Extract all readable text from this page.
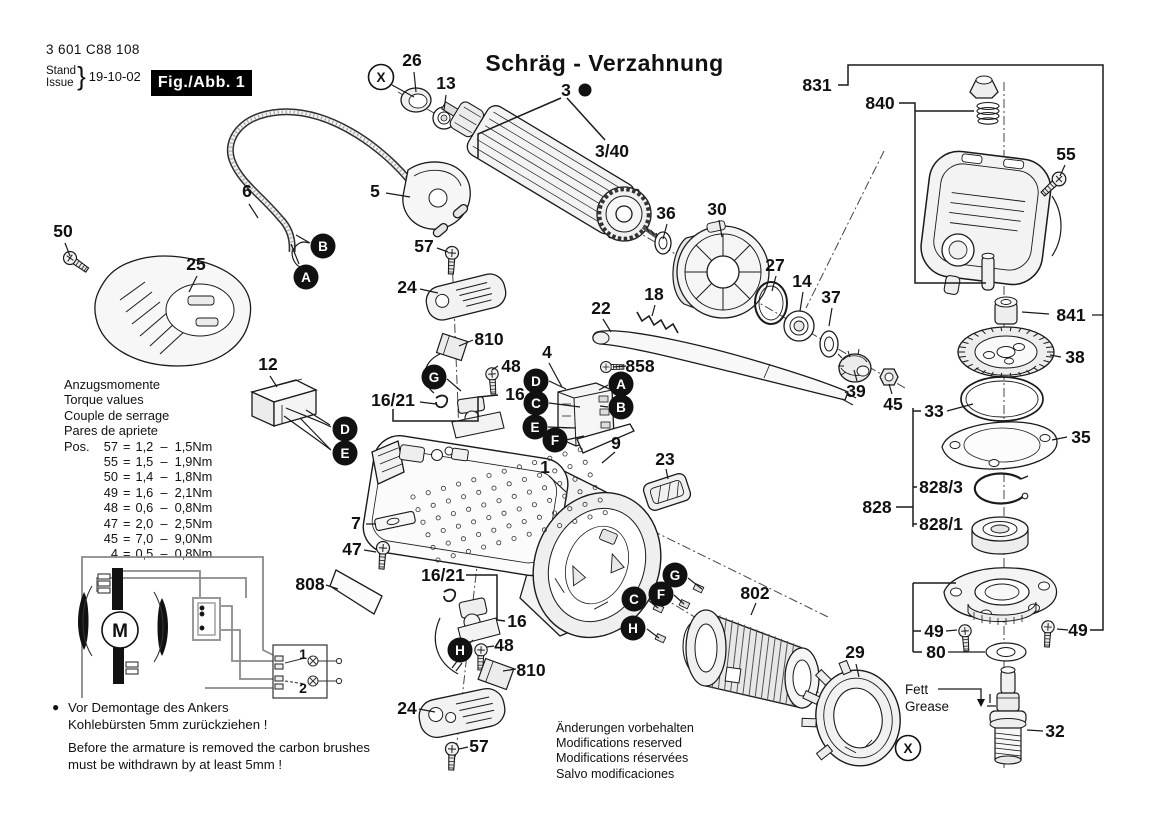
3 601 C88 108
Stand
Issue } 19-10-02	Fig./Abb. 1
Schräg - Verzahnung
Anzugsmomente
Torque values
Couple de serrage
Pares de apriete
Pos.	57 = 1,2  –  1,5Nm
55 = 1,5  –  1,9Nm
50 = 1,4  –  1,8Nm
49 = 1,6  –  2,1Nm
48 = 0,6  –  0,8Nm
47 = 2,0  –  2,5Nm
45 = 7,0  –  9,0Nm
4 = 0,5  –  0,8Nm
● Vor Demontage des Ankers
Kohlebürsten 5mm zurückziehen !
Before the armature is removed the carbon brushes
must be withdrawn by at least 5mm !
Änderungen vorbehalten
Modifications reserved
Modifications réservées
Salvo modificaciones
Fett
Grease
26
13
5
6
3
3/40
50
25
57
24
810
48
16/21	16
12
4
858
22
18
36 30
27
14
37
39
45
9
23
1
7
47
808	16/21
16
48
810
24
57
802
29
32
831
840
55
841
38
33
35
828/3
828
828/1
49	49
80
B
A
D
E
G	D
C
E
F
A
B
H
G
F
C
H
X
X
M
1
2
